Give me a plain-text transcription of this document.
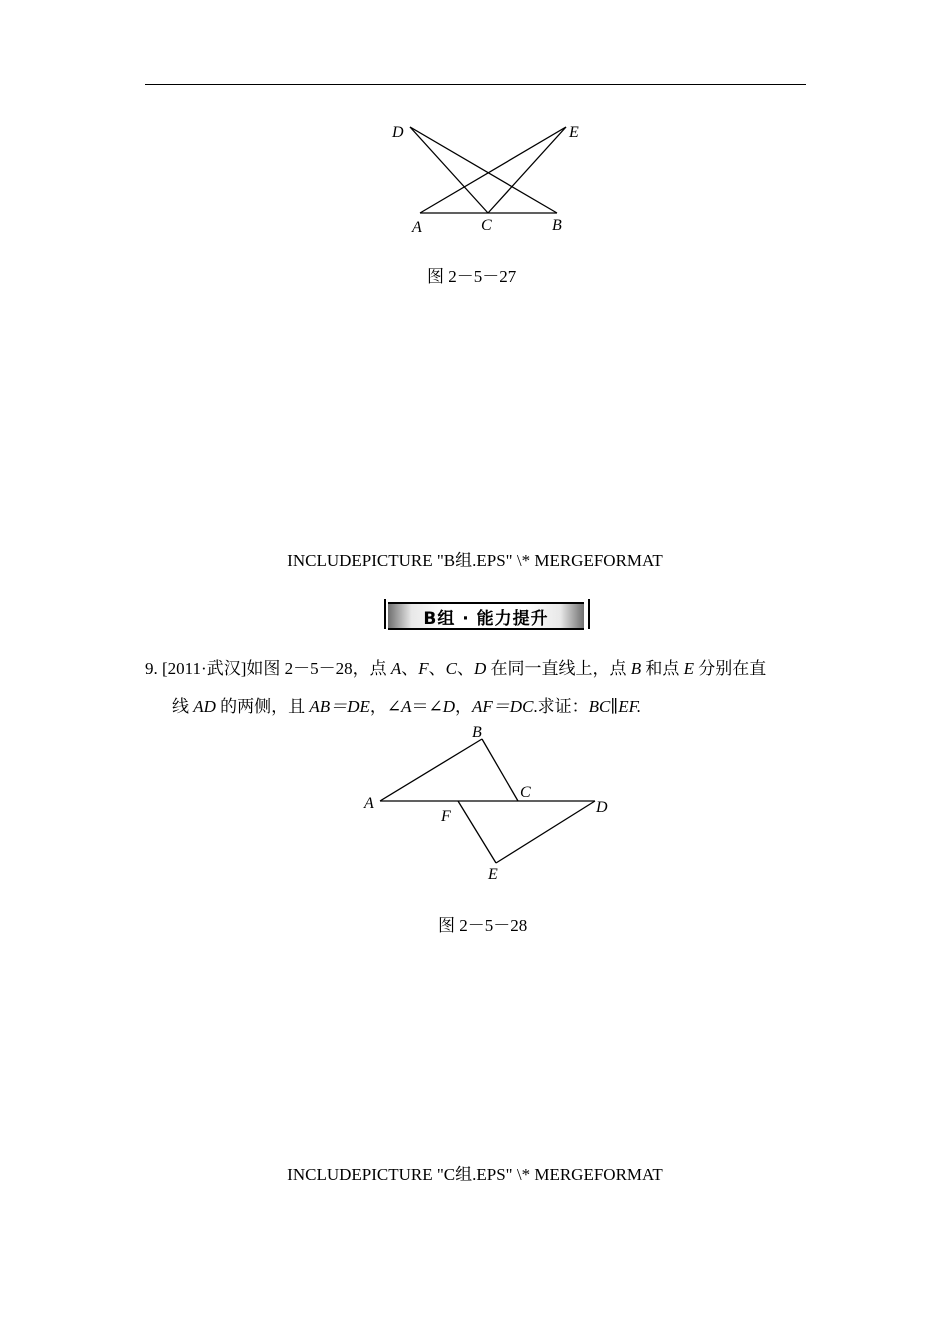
D	E
A	C	B
图 2－5－27
INCLUDEPICTURE "B组.EPS" \* MERGEFORMAT
B组 · 能力提升
9. [2011·武汉]如图 2－5－28，点 A、F、C、D 在同一直线上，点 B 和点 E 分别在直
线 AD 的两侧，且 AB＝DE，∠A＝∠D，AF＝DC.求证：BC∥EF.
B
C
A
F
D
E
图 2－5－28
INCLUDEPICTURE "C组.EPS" \* MERGEFORMAT
